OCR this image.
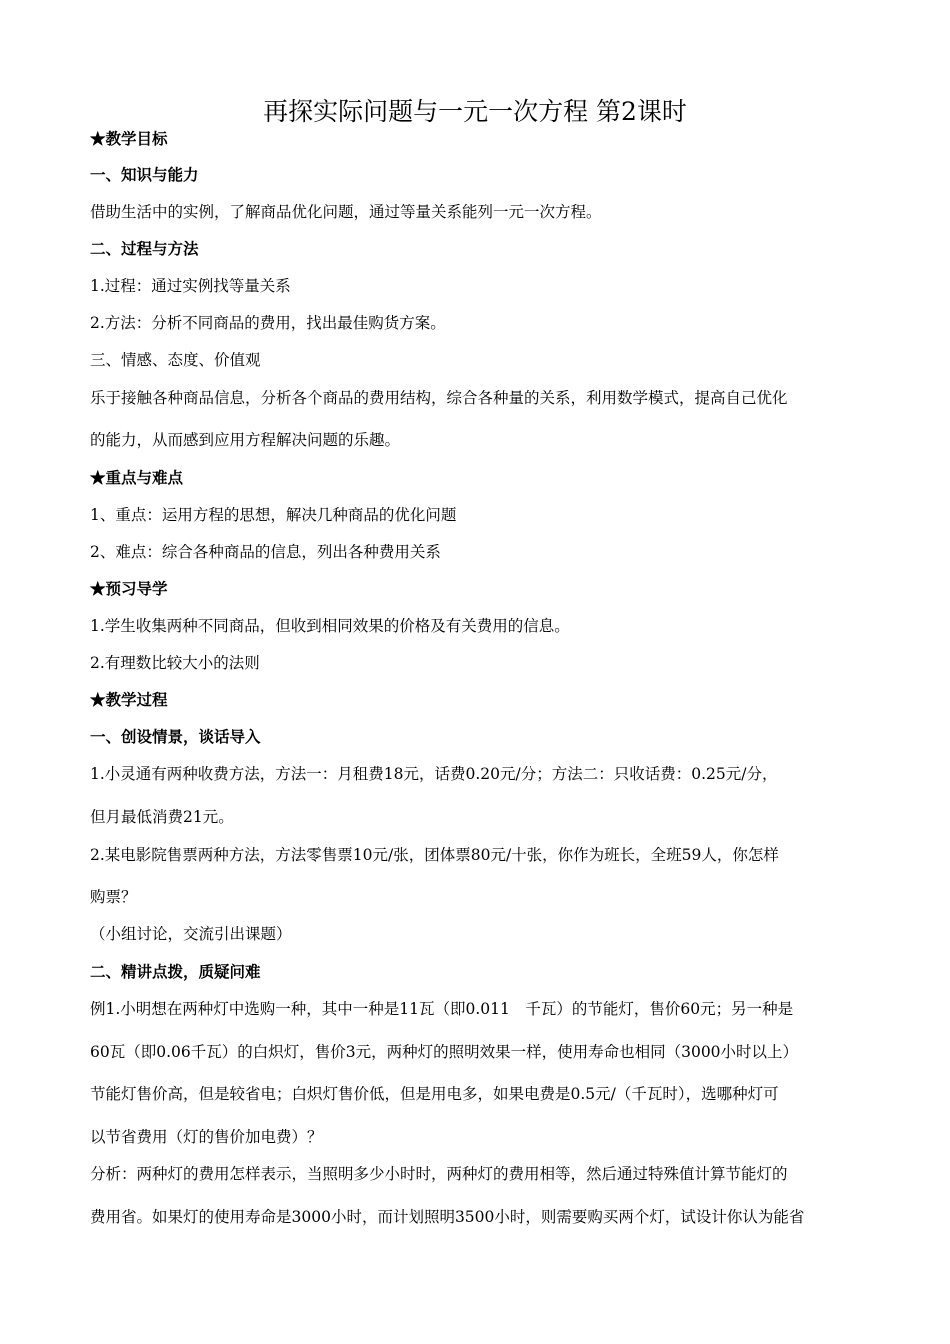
再探实际问题与一元一次方程 第2课时
★教学目标
一、知识与能力
借助生活中的实例，了解商品优化问题，通过等量关系能列一元一次方程。
二、过程与方法
1.过程：通过实例找等量关系
2.方法：分析不同商品的费用，找出最佳购货方案。
三、情感、态度、价值观
乐于接触各种商品信息，分析各个商品的费用结构，综合各种量的关系，利用数学模式，提高自己优化
的能力，从而感到应用方程解决问题的乐趣。
★重点与难点
1、重点：运用方程的思想，解决几种商品的优化问题
2、难点：综合各种商品的信息，列出各种费用关系
★预习导学
1.学生收集两种不同商品，但收到相同效果的价格及有关费用的信息。
2.有理数比较大小的法则
★教学过程
一、创设情景，谈话导入
1.小灵通有两种收费方法，方法一：月租费18元，话费0.20元/分；方法二：只收话费：0.25元/分，
但月最低消费21元。
2.某电影院售票两种方法，方法零售票10元/张，团体票80元/十张，你作为班长，全班59人，你怎样
购票？
（小组讨论，交流引出课题）
二、精讲点拨，质疑问难
例1.小明想在两种灯中选购一种，其中一种是11瓦（即0.011　千瓦）的节能灯，售价60元；另一种是
60瓦（即0.06千瓦）的白炽灯，售价3元，两种灯的照明效果一样，使用寿命也相同（3000小时以上）
节能灯售价高，但是较省电；白炽灯售价低，但是用电多，如果电费是0.5元/（千瓦时），选哪种灯可
以节省费用（灯的售价加电费）？
分析：两种灯的费用怎样表示，当照明多少小时时，两种灯的费用相等，然后通过特殊值计算节能灯的
费用省。如果灯的使用寿命是3000小时，而计划照明3500小时，则需要购买两个灯，试设计你认为能省
